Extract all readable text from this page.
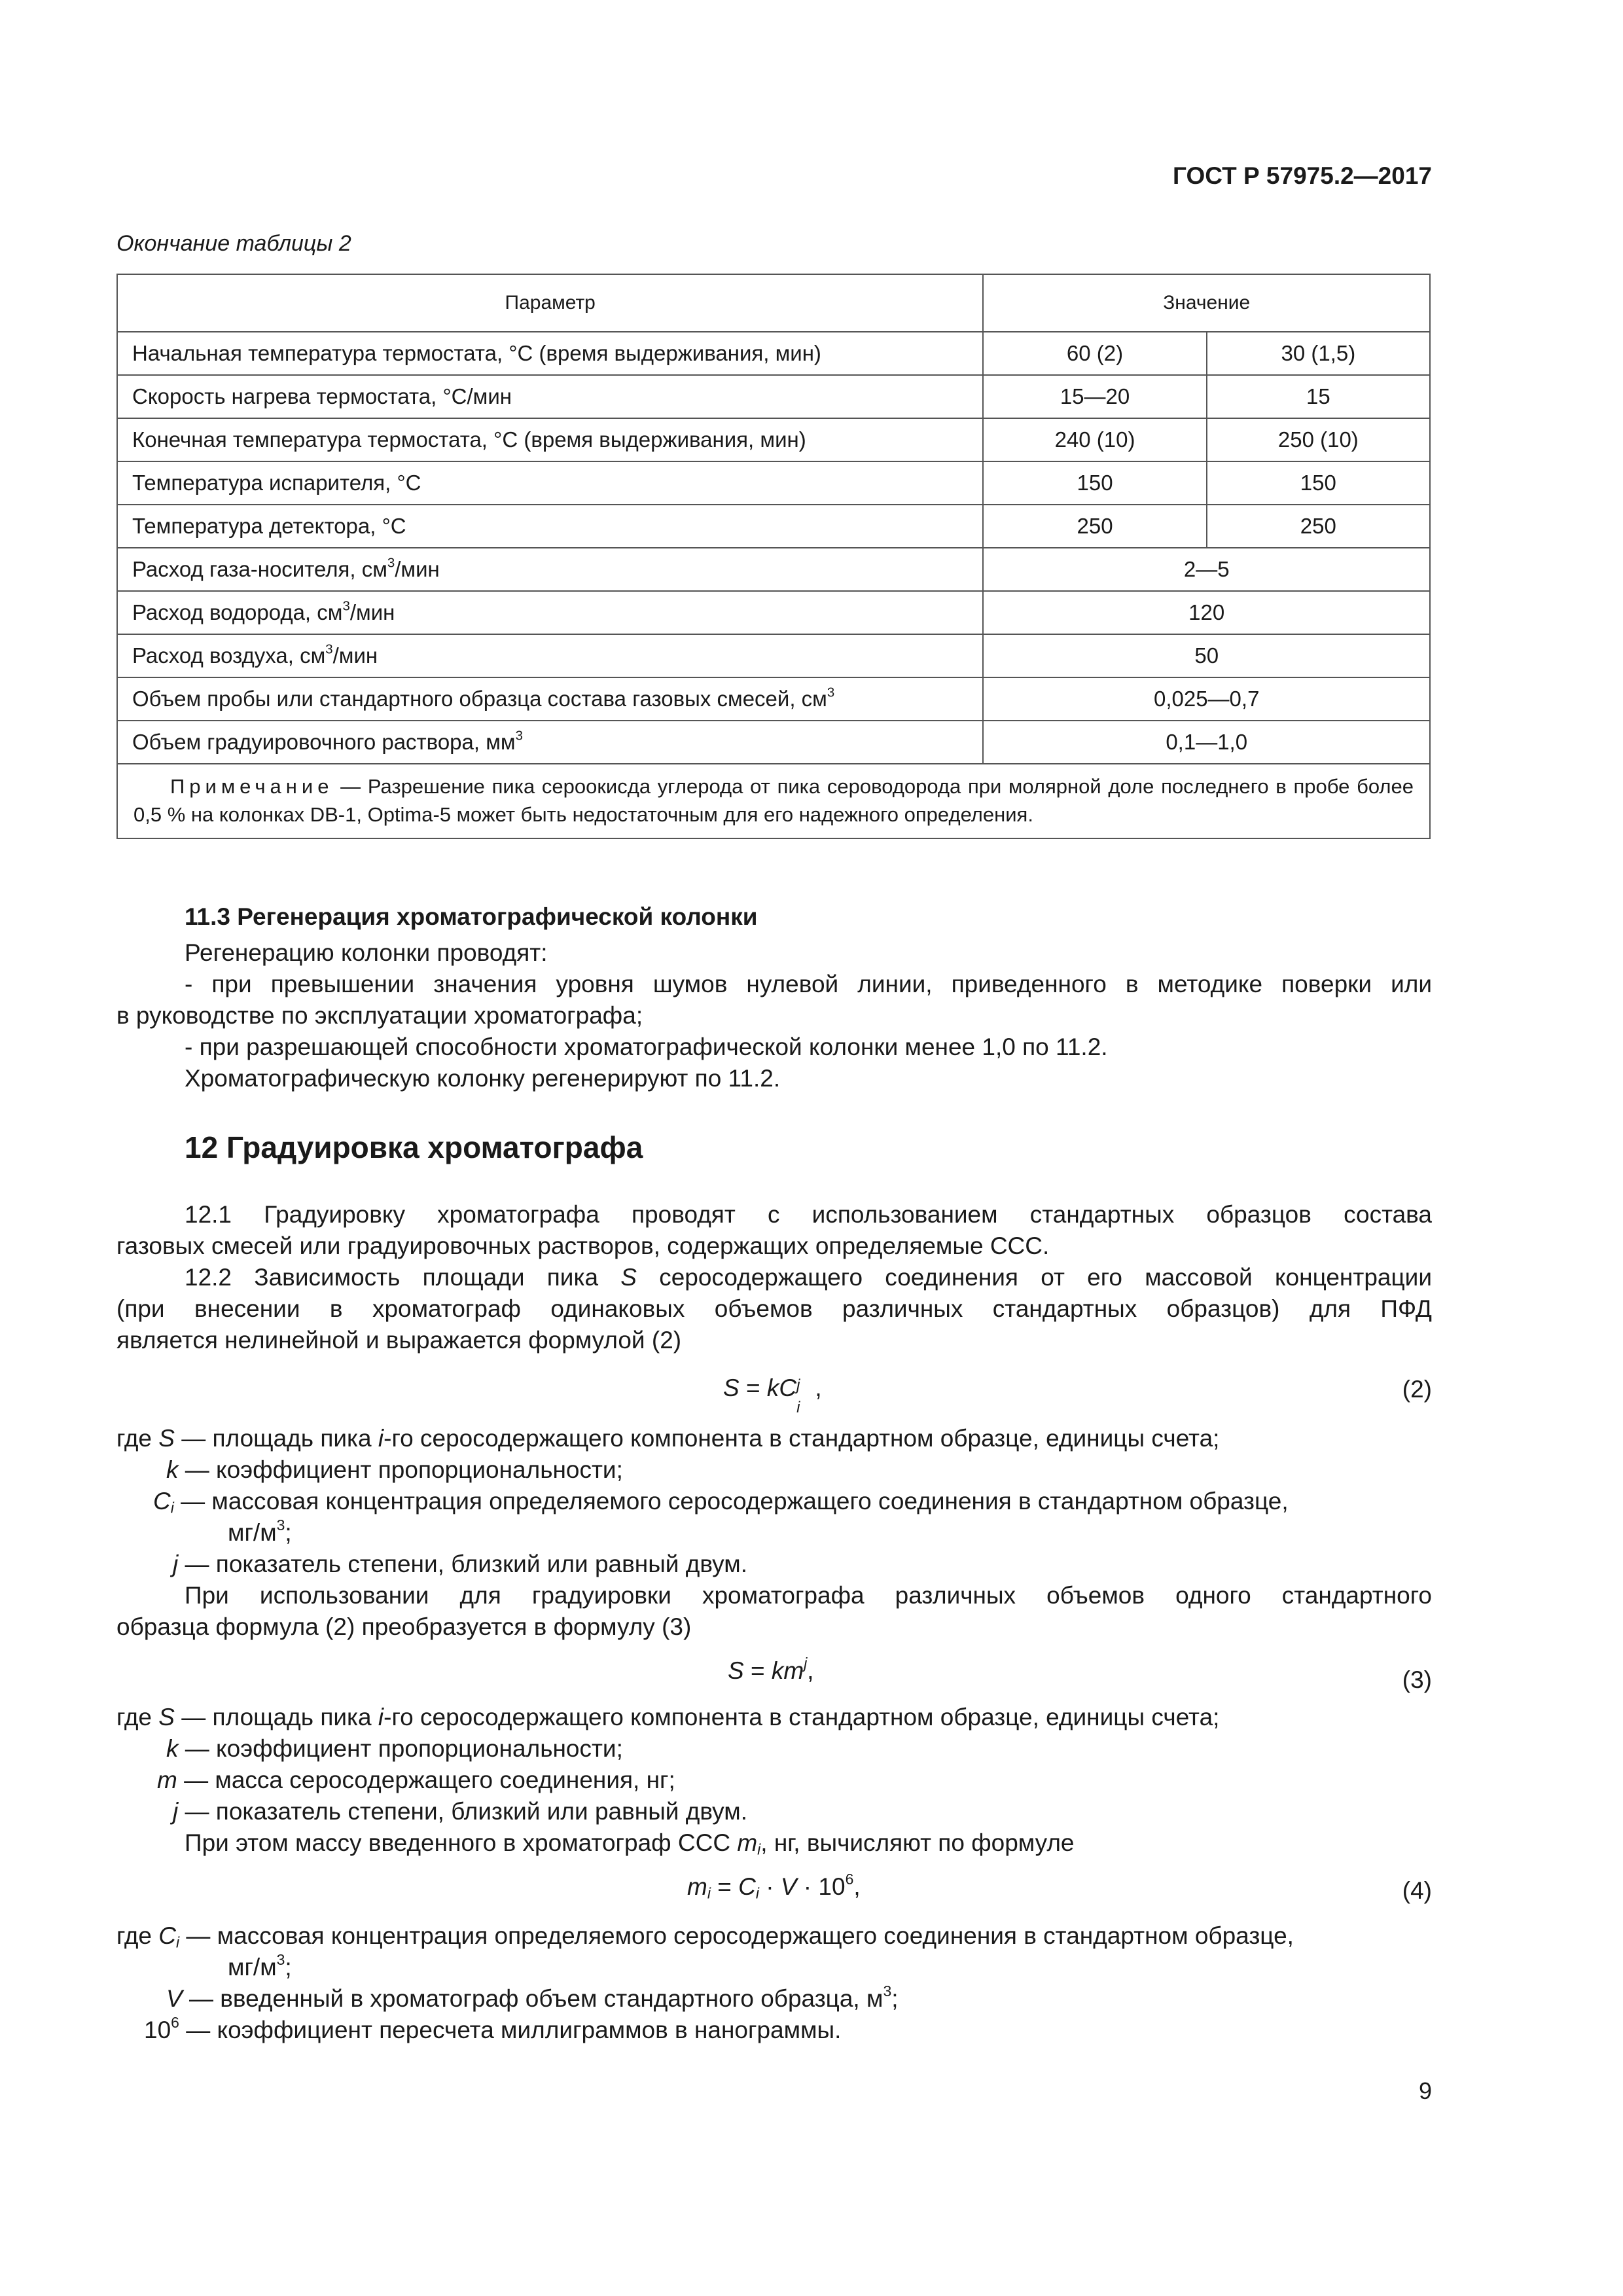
ГОСТ Р 57975.2—2017
Окончание таблицы 2
Параметр	Значение	
Начальная температура термостата, °С (время выдерживания, мин)	60 (2)	30 (1,5)
Скорость нагрева термостата, °С/мин	15—20	15
Конечная температура термостата, °С (время выдерживания, мин)	240 (10)	250 (10)
Температура испарителя, °С	150	150
Температура детектора, °С	250	250
Расход газа-носителя, $см^3$/мин	2—5	
Расход водорода, $см^3$/мин	120	
Расход воздуха, $см^3$/мин	50	
Объем пробы или стандартного образца состава газовых смесей, $см^3$	0,025—0,7	
Объем градуировочного раствора, $мм^3$	0,1—1,0	
Примечание — Разрешение пика сероокисда углерода от пика сероводорода при молярной доле последнего в пробе более 0,5 % на колонках DB-1, Optima-5 может быть недостаточным для его надежного определения.		
11.3 Регенерация хроматографической колонки
Регенерацию колонки проводят:
- при превышении значения уровня шумов нулевой линии, приведенного в методике поверки или
в руководстве по эксплуатации хроматографа;
- при разрешающей способности хроматографической колонки менее 1,0 по 11.2.
Хроматографическую колонку регенерируют по 11.2.
12 Градуировка хроматографа
12.1 Градуировку хроматографа проводят с использованием стандартных образцов состава
газовых смесей или градуировочных растворов, содержащих определяемые ССС.
12.2 Зависимость площади пика S серосодержащего соединения от его массовой концентрации
(при внесении в хроматограф одинаковых объемов различных стандартных образцов) для ПФД
является нелинейной и выражается формулой (2)
S = kC j
i
,	(2)
где S — площадь пика i-го серосодержащего компонента в стандартном образце, единицы счета;
k — коэффициент пропорциональности;
$C_i$ — массовая концентрация определяемого серосодержащего соединения в стандартном образце,
$мг/м^3$;
j — показатель степени, близкий или равный двум.
При использовании для градуировки хроматографа различных объемов одного стандартного
образца формула (2) преобразуется в формулу (3)
$S = km^j$,	(3)
где S — площадь пика i-го серосодержащего компонента в стандартном образце, единицы счета;
k — коэффициент пропорциональности;
m — масса серосодержащего соединения, нг;
j — показатель степени, близкий или равный двум.
При этом массу введенного в хроматограф ССС $m_i$, нг, вычисляют по формуле
$m_i = C_i \cdot V \cdot 10^6$,	(4)
где $C_i$ — массовая концентрация определяемого серосодержащего соединения в стандартном образце,
$мг/м^3$;
V — введенный в хроматограф объем стандартного образца, $м^3$;
$10^6$ — коэффициент пересчета миллиграммов в нанограммы.
9
